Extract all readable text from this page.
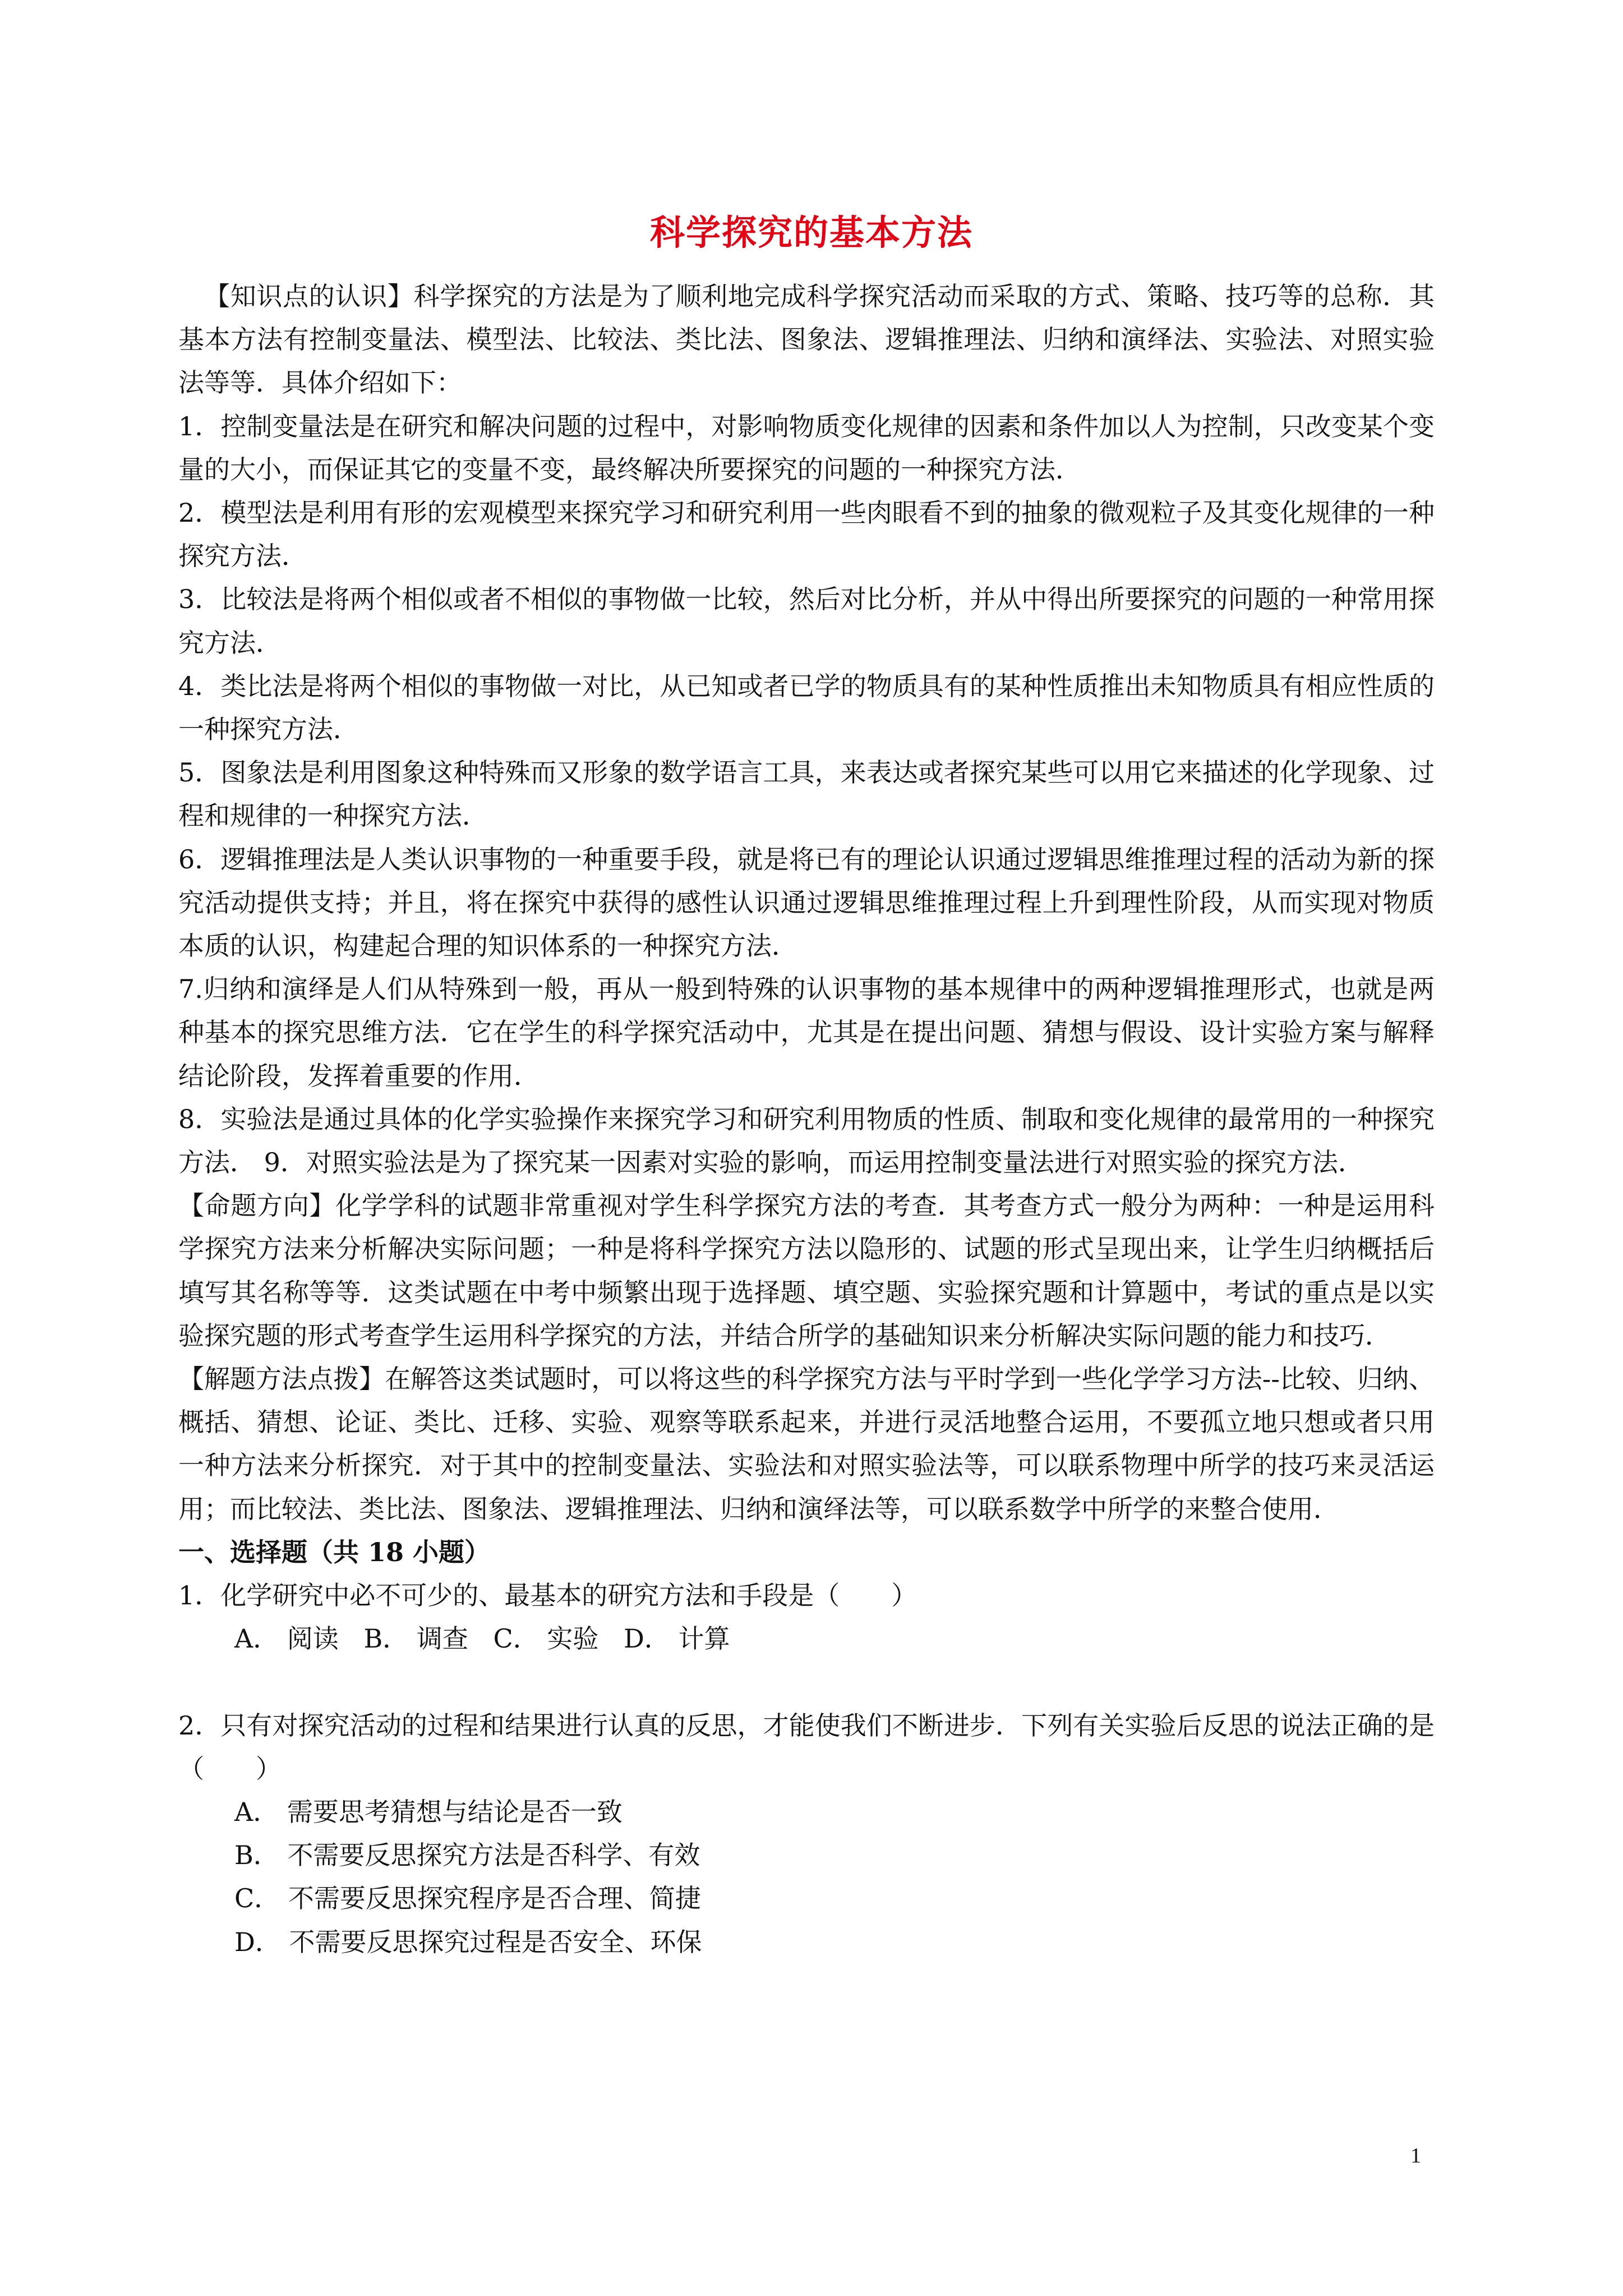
科学探究的基本方法

【知识点的认识】科学探究的方法是为了顺利地完成科学探究活动而采取的方式、策略、技巧等的总称．其基本方法有控制变量法、模型法、比较法、类比法、图象法、逻辑推理法、归纳和演绎法、实验法、对照实验法等等．具体介绍如下：

1．控制变量法是在研究和解决问题的过程中，对影响物质变化规律的因素和条件加以人为控制，只改变某个变量的大小，而保证其它的变量不变，最终解决所要探究的问题的一种探究方法．

2．模型法是利用有形的宏观模型来探究学习和研究利用一些肉眼看不到的抽象的微观粒子及其变化规律的一种探究方法．

3．比较法是将两个相似或者不相似的事物做一比较，然后对比分析，并从中得出所要探究的问题的一种常用探究方法．

4．类比法是将两个相似的事物做一对比，从已知或者已学的物质具有的某种性质推出未知物质具有相应性质的一种探究方法．

5．图象法是利用图象这种特殊而又形象的数学语言工具，来表达或者探究某些可以用它来描述的化学现象、过程和规律的一种探究方法．

6．逻辑推理法是人类认识事物的一种重要手段，就是将已有的理论认识通过逻辑思维推理过程的活动为新的探究活动提供支持；并且，将在探究中获得的感性认识通过逻辑思维推理过程上升到理性阶段，从而实现对物质本质的认识，构建起合理的知识体系的一种探究方法．

7.归纳和演绎是人们从特殊到一般，再从一般到特殊的认识事物的基本规律中的两种逻辑推理形式，也就是两种基本的探究思维方法．它在学生的科学探究活动中，尤其是在提出问题、猜想与假设、设计实验方案与解释结论阶段，发挥着重要的作用．

8．实验法是通过具体的化学实验操作来探究学习和研究利用物质的性质、制取和变化规律的最常用的一种探究方法． 9．对照实验法是为了探究某一因素对实验的影响，而运用控制变量法进行对照实验的探究方法．

【命题方向】化学学科的试题非常重视对学生科学探究方法的考查．其考查方式一般分为两种：一种是运用科学探究方法来分析解决实际问题；一种是将科学探究方法以隐形的、试题的形式呈现出来，让学生归纳概括后填写其名称等等．这类试题在中考中频繁出现于选择题、填空题、实验探究题和计算题中，考试的重点是以实验探究题的形式考查学生运用科学探究的方法，并结合所学的基础知识来分析解决实际问题的能力和技巧．

【解题方法点拨】在解答这类试题时，可以将这些的科学探究方法与平时学到一些化学学习方法--比较、归纳、概括、猜想、论证、类比、迁移、实验、观察等联系起来，并进行灵活地整合运用，不要孤立地只想或者只用一种方法来分析探究．对于其中的控制变量法、实验法和对照实验法等，可以联系物理中所学的技巧来灵活运用；而比较法、类比法、图象法、逻辑推理法、归纳和演绎法等，可以联系数学中所学的来整合使用．

一、选择题（共 18 小题）

1．化学研究中必不可少的、最基本的研究方法和手段是（　　）

A． 阅读 B． 调查 C． 实验 D． 计算

2．只有对探究活动的过程和结果进行认真的反思，才能使我们不断进步．下列有关实验后反思的说法正确的是（　　）

A． 需要思考猜想与结论是否一致
B． 不需要反思探究方法是否科学、有效
C． 不需要反思探究程序是否合理、简捷
D． 不需要反思探究过程是否安全、环保
1
